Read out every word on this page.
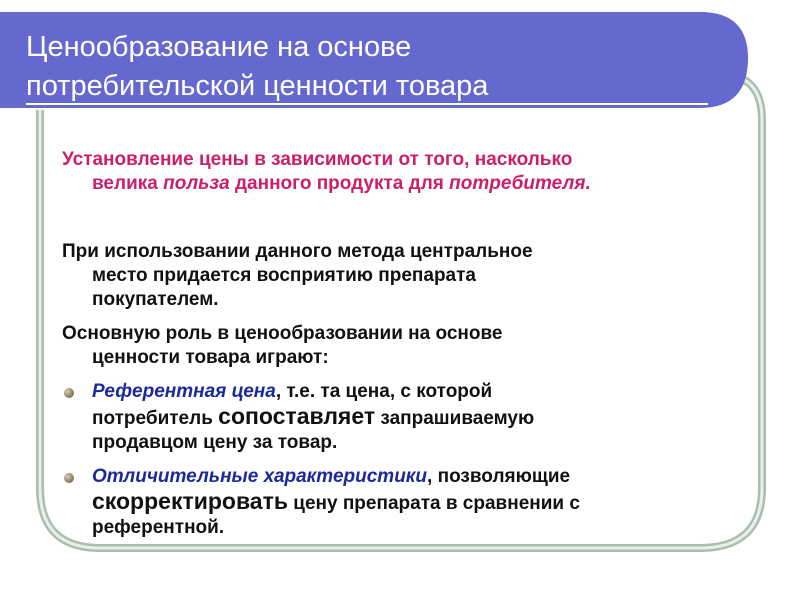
Ценообразование на основе
потребительской ценности товара

Установление цены в зависимости от того, насколько
велика польза данного продукта для потребителя.

При использовании данного метода центральное
место придается восприятию препарата
покупателем.

Основную роль в ценообразовании на основе
ценности товара играют:

Референтная цена, т.е. та цена, с которой
потребитель сопоставляет запрашиваемую
продавцом цену за товар.
Отличительные характеристики, позволяющие
скорректировать цену препарата в сравнении с
референтной.
